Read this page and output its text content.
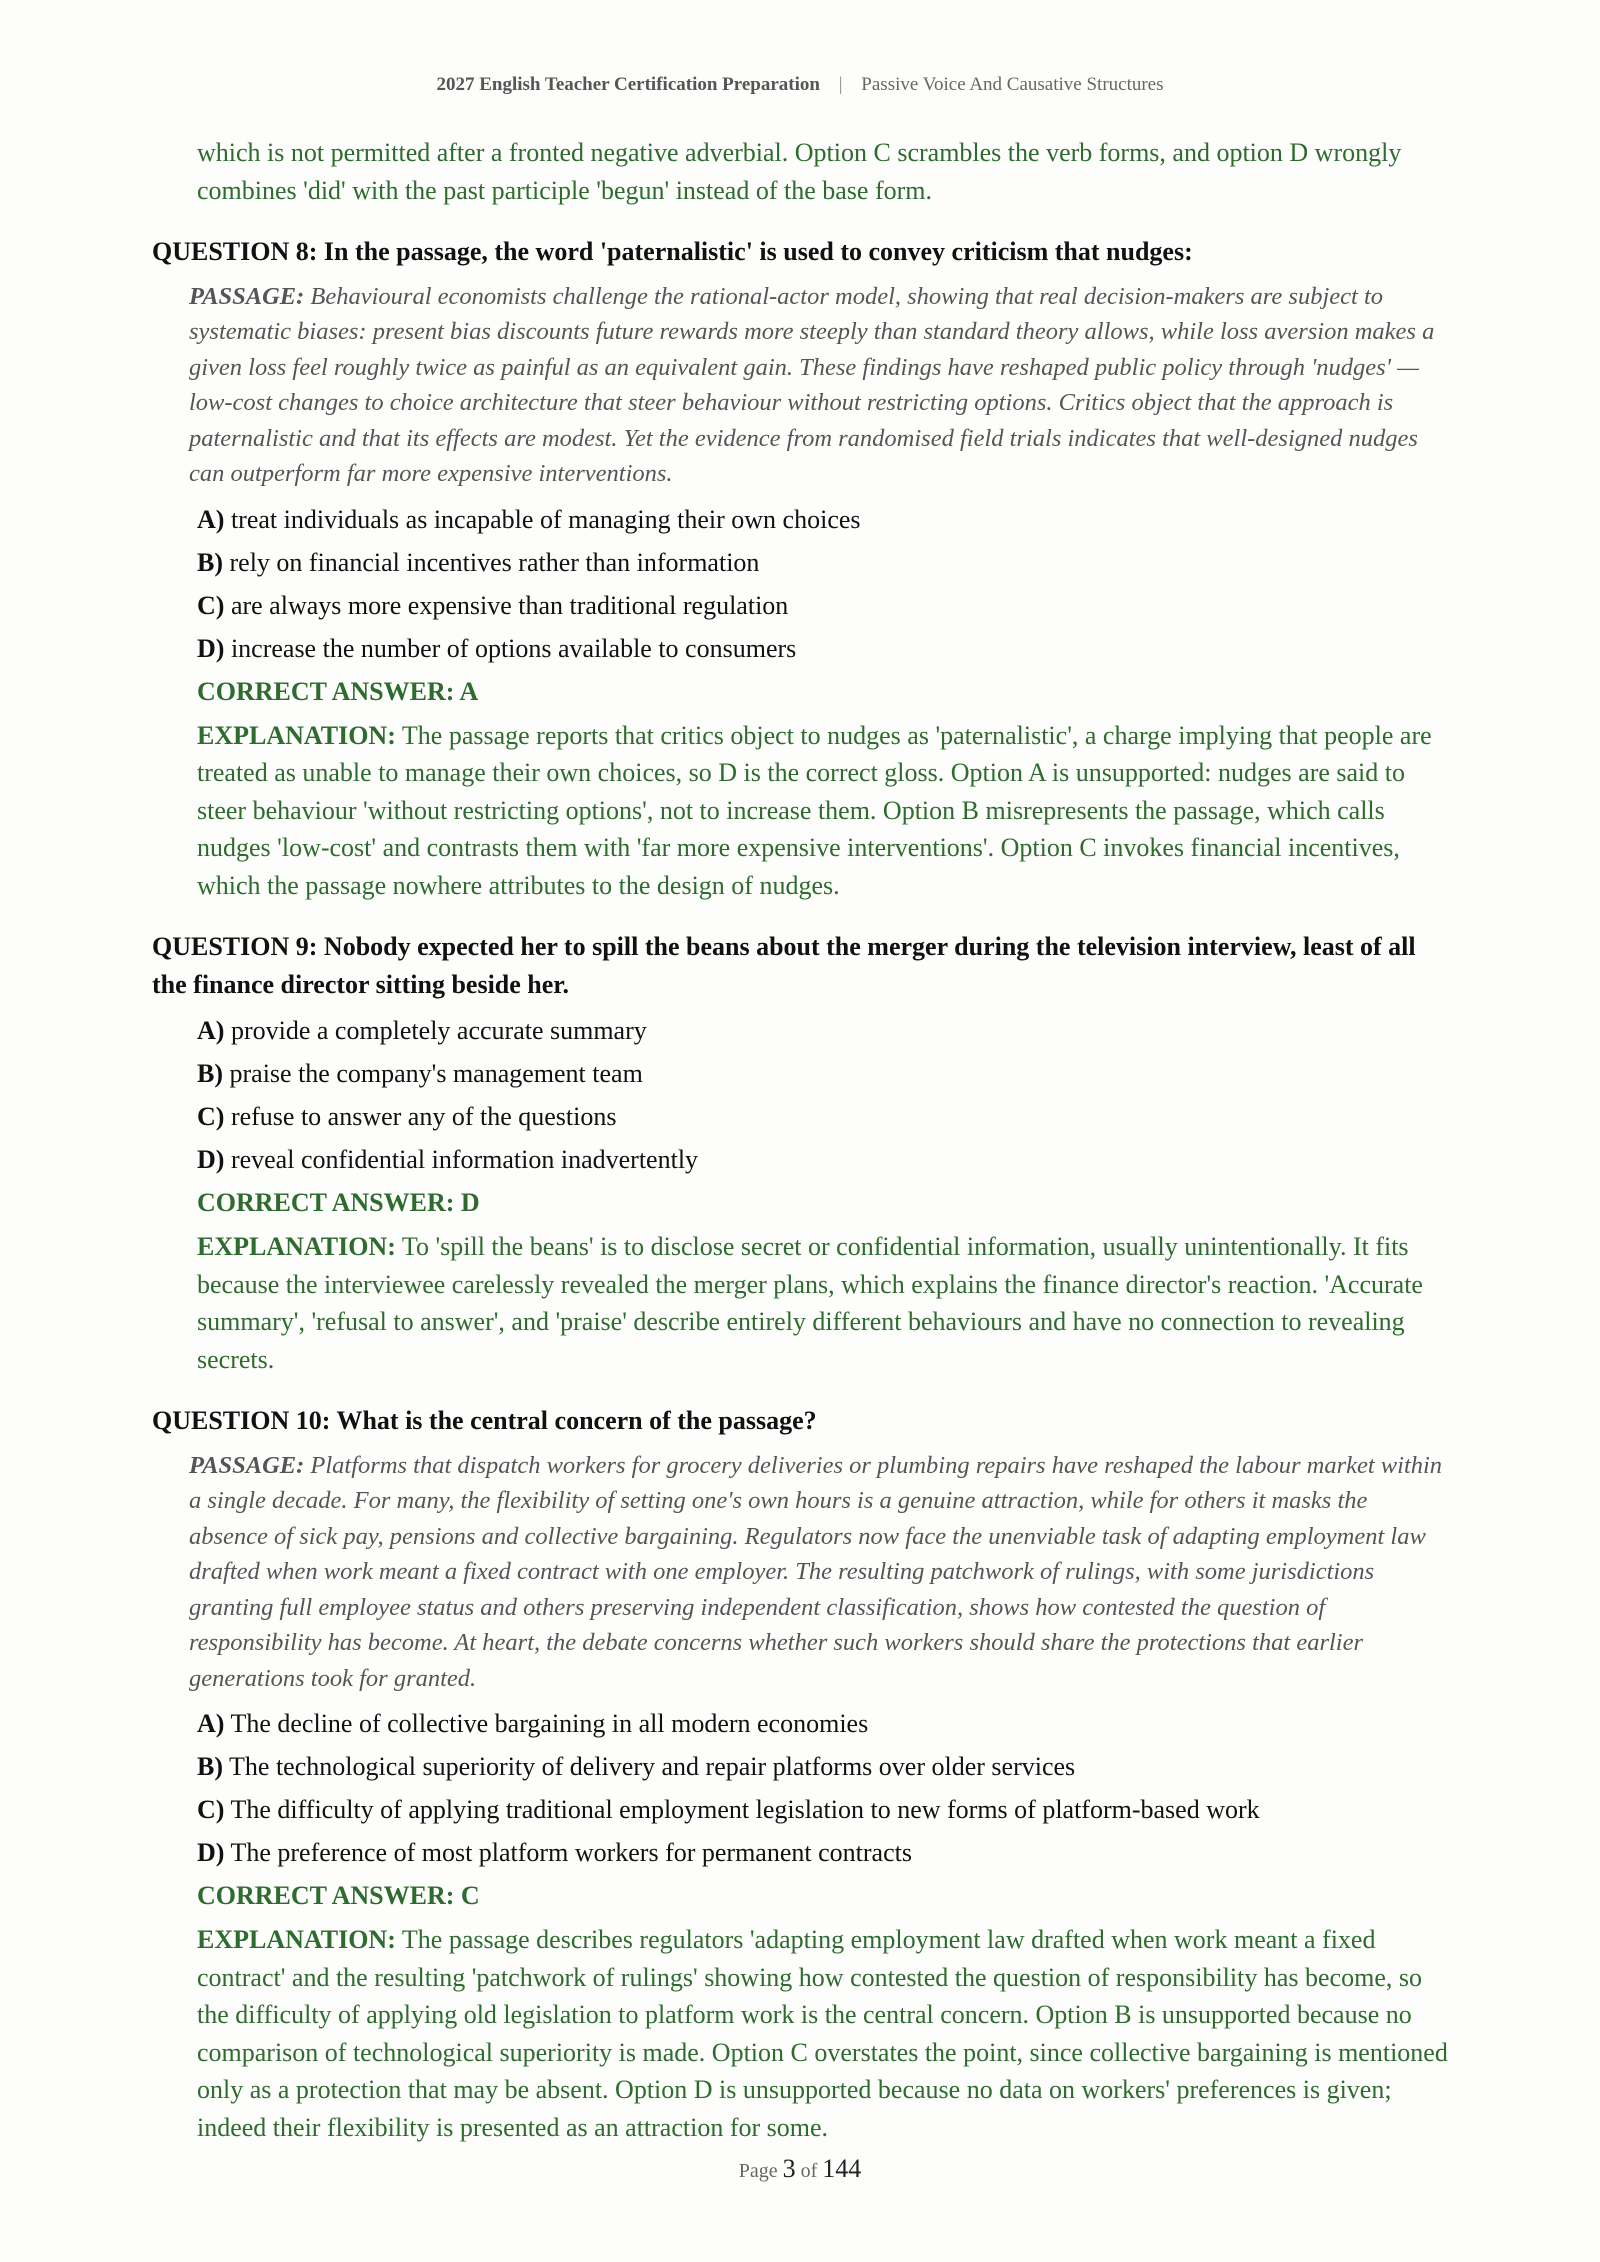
2027 English Teacher Certification Preparation | Passive Voice And Causative Structures
which is not permitted after a fronted negative adverbial. Option C scrambles the verb forms, and option D wrongly combines 'did' with the past participle 'begun' instead of the base form.

QUESTION 8: In the passage, the word 'paternalistic' is used to convey criticism that nudges:

PASSAGE: Behavioural economists challenge the rational-actor model, showing that real decision-makers are subject to systematic biases: present bias discounts future rewards more steeply than standard theory allows, while loss aversion makes a given loss feel roughly twice as painful as an equivalent gain. These findings have reshaped public policy through 'nudges' — low-cost changes to choice architecture that steer behaviour without restricting options. Critics object that the approach is paternalistic and that its effects are modest. Yet the evidence from randomised field trials indicates that well-designed nudges can outperform far more expensive interventions.
A) treat individuals as incapable of managing their own choices
B) rely on financial incentives rather than information
C) are always more expensive than traditional regulation
D) increase the number of options available to consumers
CORRECT ANSWER: A
EXPLANATION: The passage reports that critics object to nudges as 'paternalistic', a charge implying that people are treated as unable to manage their own choices, so D is the correct gloss. Option A is unsupported: nudges are said to steer behaviour 'without restricting options', not to increase them. Option B misrepresents the passage, which calls nudges 'low-cost' and contrasts them with 'far more expensive interventions'. Option C invokes financial incentives, which the passage nowhere attributes to the design of nudges.

QUESTION 9: Nobody expected her to spill the beans about the merger during the television interview, least of all the finance director sitting beside her.

A) provide a completely accurate summary
B) praise the company's management team
C) refuse to answer any of the questions
D) reveal confidential information inadvertently
CORRECT ANSWER: D
EXPLANATION: To 'spill the beans' is to disclose secret or confidential information, usually unintentionally. It fits because the interviewee carelessly revealed the merger plans, which explains the finance director's reaction. 'Accurate summary', 'refusal to answer', and 'praise' describe entirely different behaviours and have no connection to revealing secrets.

QUESTION 10: What is the central concern of the passage?

PASSAGE: Platforms that dispatch workers for grocery deliveries or plumbing repairs have reshaped the labour market within a single decade. For many, the flexibility of setting one's own hours is a genuine attraction, while for others it masks the absence of sick pay, pensions and collective bargaining. Regulators now face the unenviable task of adapting employment law drafted when work meant a fixed contract with one employer. The resulting patchwork of rulings, with some jurisdictions granting full employee status and others preserving independent classification, shows how contested the question of responsibility has become. At heart, the debate concerns whether such workers should share the protections that earlier generations took for granted.
A) The decline of collective bargaining in all modern economies
B) The technological superiority of delivery and repair platforms over older services
C) The difficulty of applying traditional employment legislation to new forms of platform-based work
D) The preference of most platform workers for permanent contracts
CORRECT ANSWER: C
EXPLANATION: The passage describes regulators 'adapting employment law drafted when work meant a fixed contract' and the resulting 'patchwork of rulings' showing how contested the question of responsibility has become, so the difficulty of applying old legislation to platform work is the central concern. Option B is unsupported because no comparison of technological superiority is made. Option C overstates the point, since collective bargaining is mentioned only as a protection that may be absent. Option D is unsupported because no data on workers' preferences is given; indeed their flexibility is presented as an attraction for some.
Page 3 of 144
